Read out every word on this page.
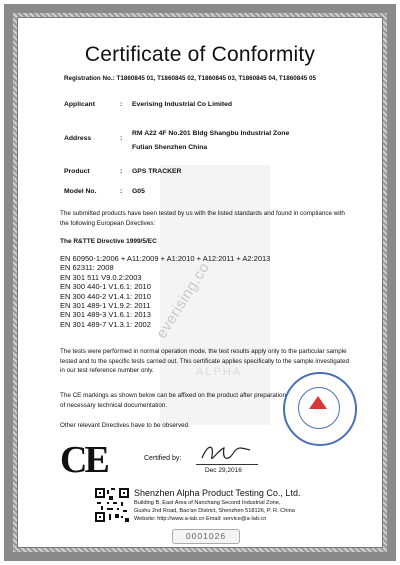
everising.co
ALPHA
Certificate of Conformity
Registration No.: T1860845 01, T1860845 02, T1860845 03, T1860845 04, T1860845 05
Applicant	:	Everising Industrial Co Limited
Address	:
RM A22 4F No.201 Bldg Shangbu Industrial Zone
Futian Shenzhen China
Product	:	GPS TRACKER
Model No.	:	G05
The submitted products have been tested by us with the listed standards and found in compliance with the following European Directives:
The R&TTE Directive 1999/5/EC
EN 60950-1:2006 + A11:2009 + A1:2010 + A12:2011 + A2:2013
EN 62311: 2008
EN 301 511 V9.0.2:2003
EN 300 440-1 V1.6.1: 2010
EN 300 440-2 V1.4.1: 2010
EN 301 489-1 V1.9.2: 2011
EN 301 489-3 V1.6.1: 2013
EN 301 489-7 V1.3.1: 2002
The tests were performed in normal operation mode, the test results apply only to the particular sample tested and to the specific tests carried out. This certificate applies specifically to the sample investigated in our test reference number only.
The CE markings as shown below can be affixed on the product after preparation of necessary technical documentation.
Other relevant Directives have to be observed.
CE	Certified by:
Dec 29,2016
Shenzhen Alpha Product Testing Co., Ltd.
Building B, East Area of Nanchang Second Industrial Zone,
Gushu 2nd Road, Bao'an District, Shenzhen 518126, P. R. China
Website: http://www.a-lab.cn Email: service@a-lab.cn
0001026
